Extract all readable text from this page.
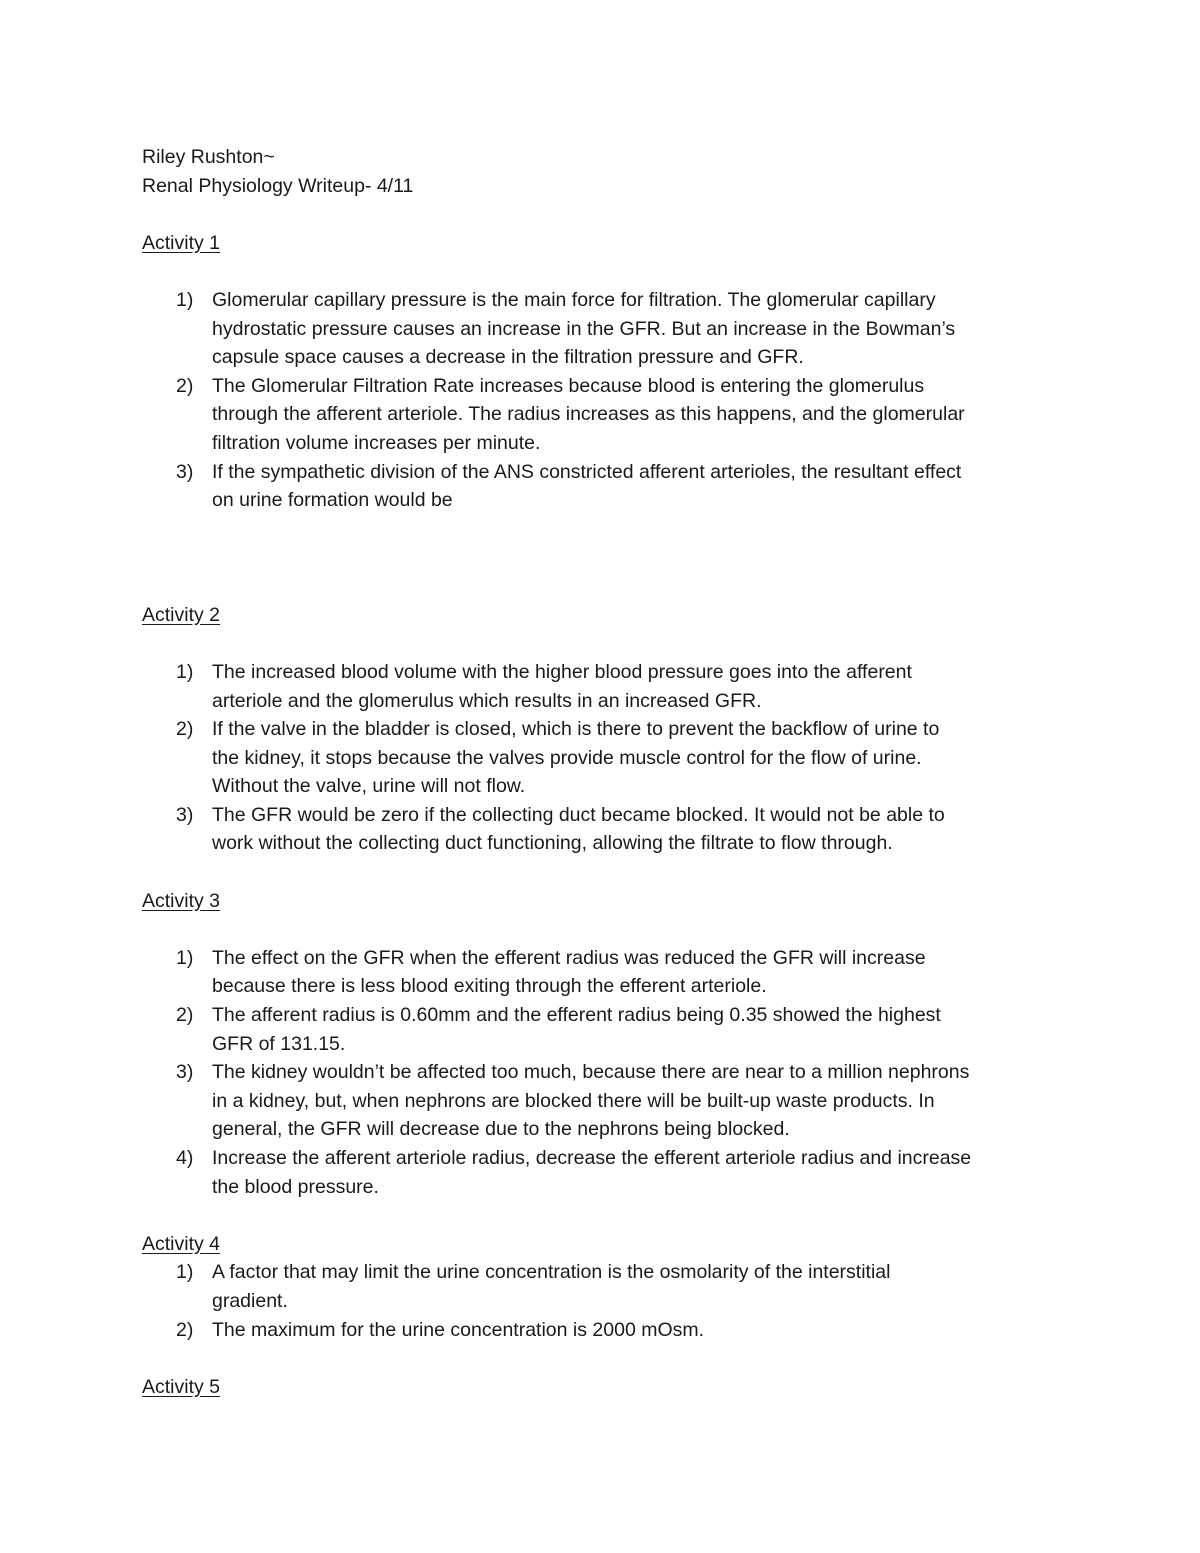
Riley Rushton~

Renal Physiology Writeup- 4/11

Activity 1

1) Glomerular capillary pressure is the main force for filtration. The glomerular capillary
hydrostatic pressure causes an increase in the GFR. But an increase in the Bowman’s
capsule space causes a decrease in the filtration pressure and GFR.
2) The Glomerular Filtration Rate increases because blood is entering the glomerulus
through the afferent arteriole. The radius increases as this happens, and the glomerular
filtration volume increases per minute.
3) If the sympathetic division of the ANS constricted afferent arterioles, the resultant effect
on urine formation would be

Activity 2

1) The increased blood volume with the higher blood pressure goes into the afferent
arteriole and the glomerulus which results in an increased GFR.
2) If the valve in the bladder is closed, which is there to prevent the backflow of urine to
the kidney, it stops because the valves provide muscle control for the flow of urine.
Without the valve, urine will not flow.
3) The GFR would be zero if the collecting duct became blocked. It would not be able to
work without the collecting duct functioning, allowing the filtrate to flow through.

Activity 3

1) The effect on the GFR when the efferent radius was reduced the GFR will increase
because there is less blood exiting through the efferent arteriole.
2) The afferent radius is 0.60mm and the efferent radius being 0.35 showed the highest
GFR of 131.15.
3) The kidney wouldn’t be affected too much, because there are near to a million nephrons
in a kidney, but, when nephrons are blocked there will be built-up waste products. In
general, the GFR will decrease due to the nephrons being blocked.
4) Increase the afferent arteriole radius, decrease the efferent arteriole radius and increase
the blood pressure.

Activity 4

1) A factor that may limit the urine concentration is the osmolarity of the interstitial
gradient.
2) The maximum for the urine concentration is 2000 mOsm.

Activity 5
